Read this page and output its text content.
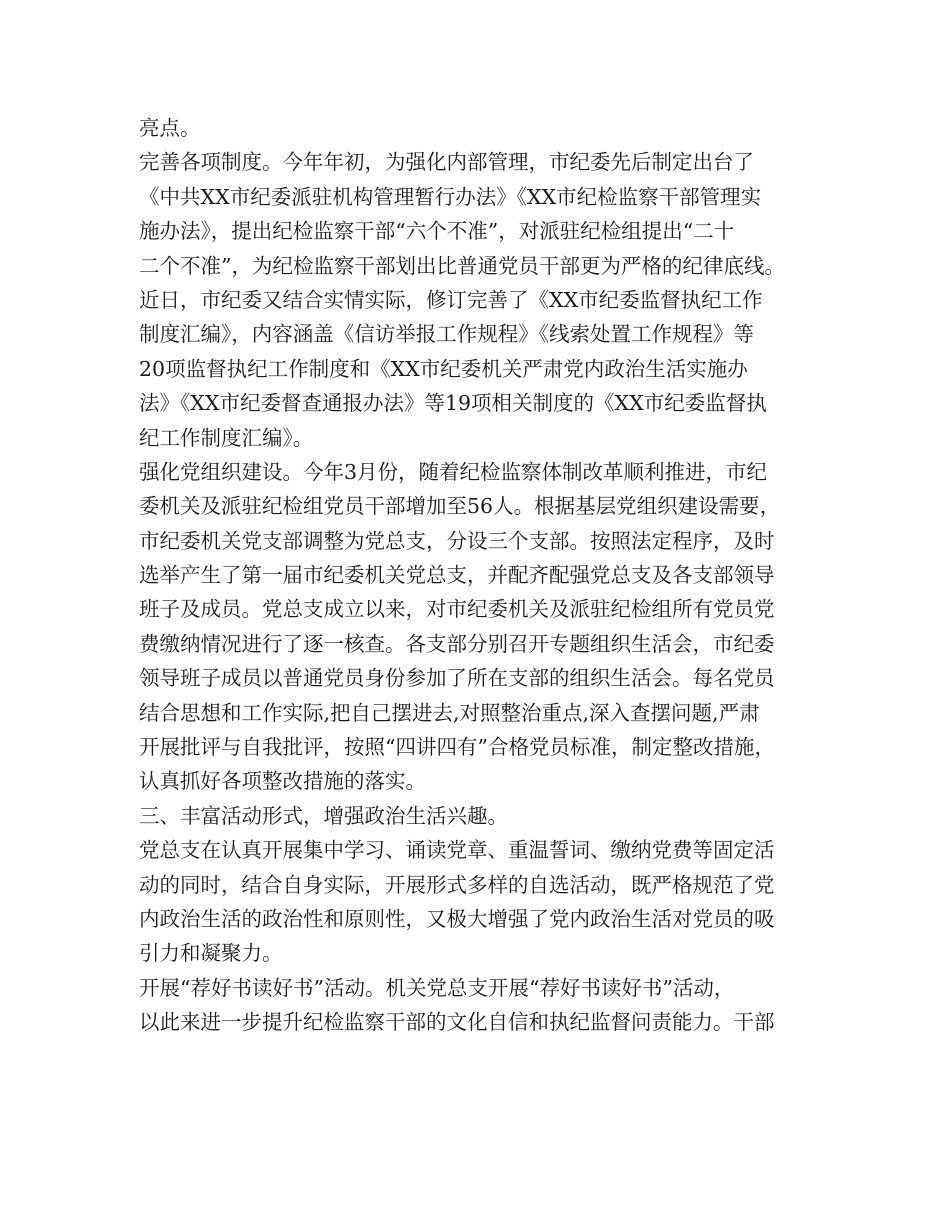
亮点。
完善各项制度。今年年初，为强化内部管理，市纪委先后制定出台了
《中共XX市纪委派驻机构管理暂行办法》《XX市纪检监察干部管理实
施办法》，提出纪检监察干部“六个不准”，对派驻纪检组提出“二十
二个不准”，为纪检监察干部划出比普通党员干部更为严格的纪律底线。
近日，市纪委又结合实情实际，修订完善了《XX市纪委监督执纪工作
制度汇编》，内容涵盖《信访举报工作规程》《线索处置工作规程》等
20项监督执纪工作制度和《XX市纪委机关严肃党内政治生活实施办
法》《XX市纪委督查通报办法》等19项相关制度的《XX市纪委监督执
纪工作制度汇编》。
强化党组织建设。今年3月份，随着纪检监察体制改革顺利推进，市纪
委机关及派驻纪检组党员干部增加至56人。根据基层党组织建设需要，
市纪委机关党支部调整为党总支，分设三个支部。按照法定程序，及时
选举产生了第一届市纪委机关党总支，并配齐配强党总支及各支部领导
班子及成员。党总支成立以来，对市纪委机关及派驻纪检组所有党员党
费缴纳情况进行了逐一核查。各支部分别召开专题组织生活会，市纪委
领导班子成员以普通党员身份参加了所在支部的组织生活会。每名党员
结合思想和工作实际,把自己摆进去,对照整治重点,深入查摆问题,严肃
开展批评与自我批评，按照“四讲四有”合格党员标准，制定整改措施，
认真抓好各项整改措施的落实。
三、丰富活动形式，增强政治生活兴趣。
党总支在认真开展集中学习、诵读党章、重温誓词、缴纳党费等固定活
动的同时，结合自身实际，开展形式多样的自选活动，既严格规范了党
内政治生活的政治性和原则性，又极大增强了党内政治生活对党员的吸
引力和凝聚力。
开展“荐好书读好书”活动。机关党总支开展“荐好书读好书”活动，
以此来进一步提升纪检监察干部的文化自信和执纪监督问责能力。干部
